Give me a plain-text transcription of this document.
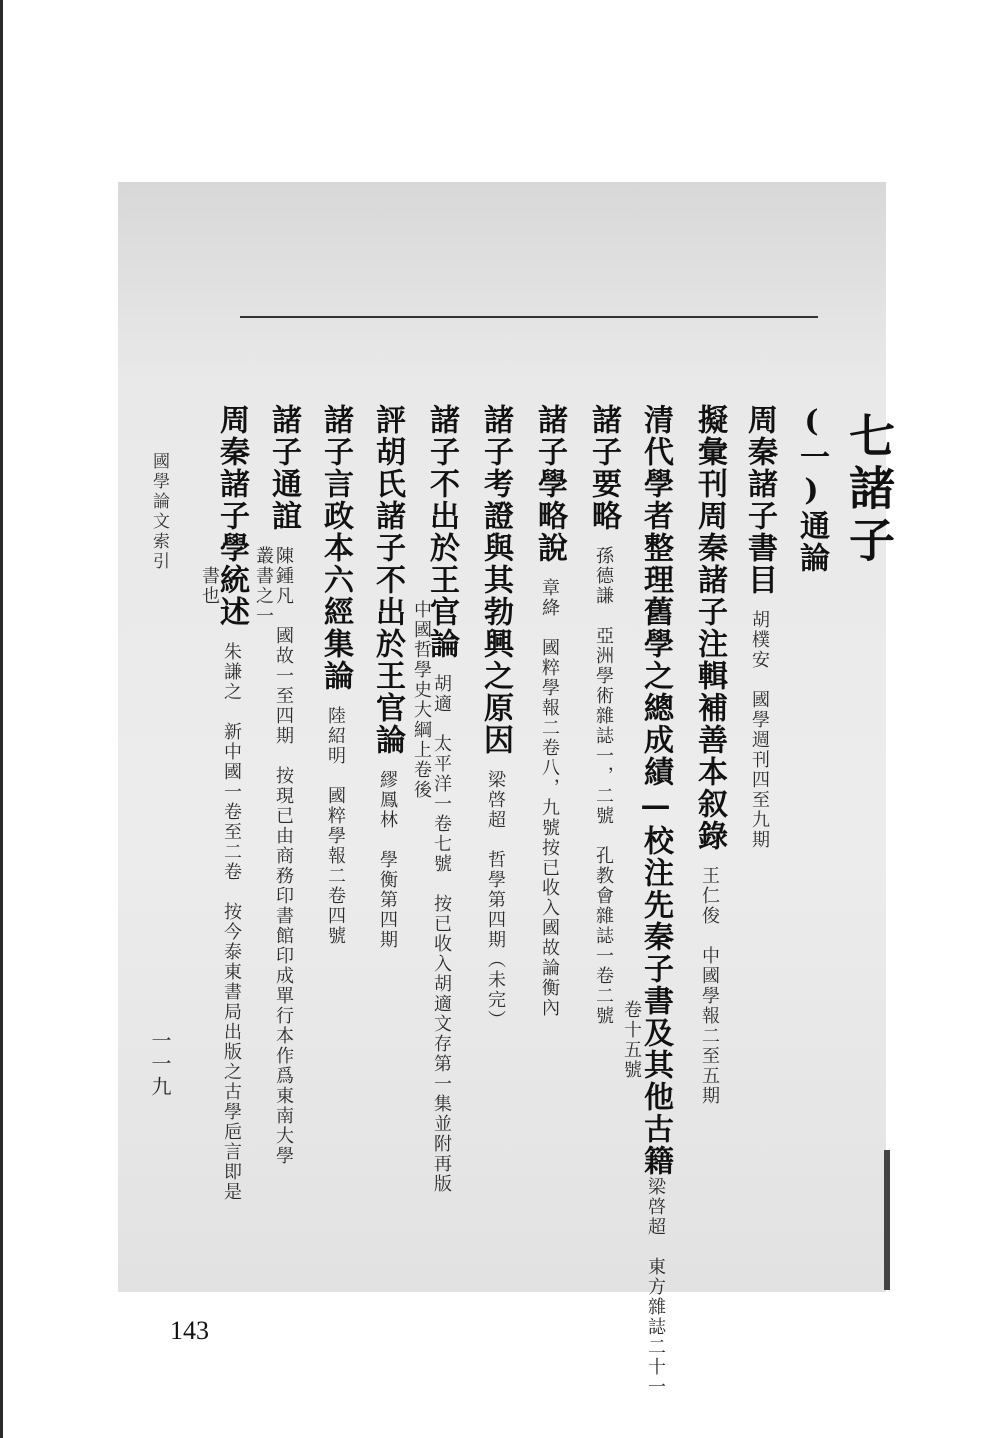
七諸子
(一)通論
周秦諸子書目胡樸安　國學週刊四至九期
擬彙刊周秦諸子注輯補善本叙錄王仁俊　中國學報二至五期
清代學者整理舊學之總成績—校注先秦子書及其他古籍梁啓超　東方雜誌二十一
卷十五號
諸子要略孫德謙　亞洲學術雜誌一，二號　孔教會雜誌一卷二號
諸子學略說章絳　國粹學報二卷八，九號按已收入國故論衡內
諸子考證與其勃興之原因梁啓超　哲學第四期（未完）
諸子不出於王官論胡適　太平洋一卷七號　按已收入胡適文存第一集並附再版
中國哲學史大綱上卷後
評胡氏諸子不出於王官論繆鳳林　學衡第四期
諸子言政本六經集論陸紹明　國粹學報二卷四號
諸子通誼陳鍾凡　國故一至四期　按現已由商務印書館印成單行本作爲東南大學
叢書之一
周秦諸子學統述朱謙之　新中國一卷至二卷　按今泰東書局出版之古學巵言即是
書也
國學論文索引
一一九
143
